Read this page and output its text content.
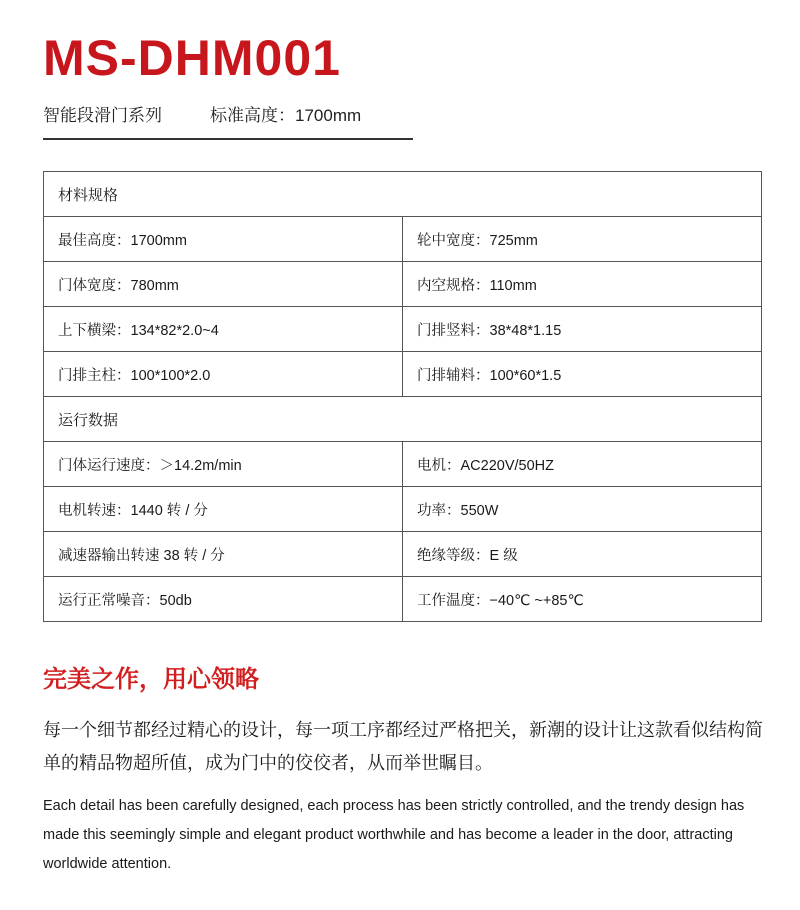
MS-DHM001
智能段滑门系列	标准高度：1700mm
材料规格	
最佳高度：1700mm	轮中宽度：725mm
门体宽度：780mm	内空规格：110mm
上下横梁：134*82*2.0~4	门排竖料：38*48*1.15
门排主柱：100*100*2.0	门排辅料：100*60*1.5
运行数据	
门体运行速度：＞14.2m/min	电机：AC220V/50HZ
电机转速：1440 转 / 分	功率：550W
减速器输出转速 38 转 / 分	绝缘等级：E 级
运行正常噪音：50db	工作温度：−40℃ ~+85℃
完美之作，用心领略
每一个细节都经过精心的设计，每一项工序都经过严格把关，新潮的设计让这款看似结构简单的精品物超所值，成为门中的佼佼者，从而举世瞩目。
Each detail has been carefully designed, each process has been strictly controlled, and the trendy design has made this seemingly simple and elegant product worthwhile and has become a leader in the door, attracting worldwide attention.
